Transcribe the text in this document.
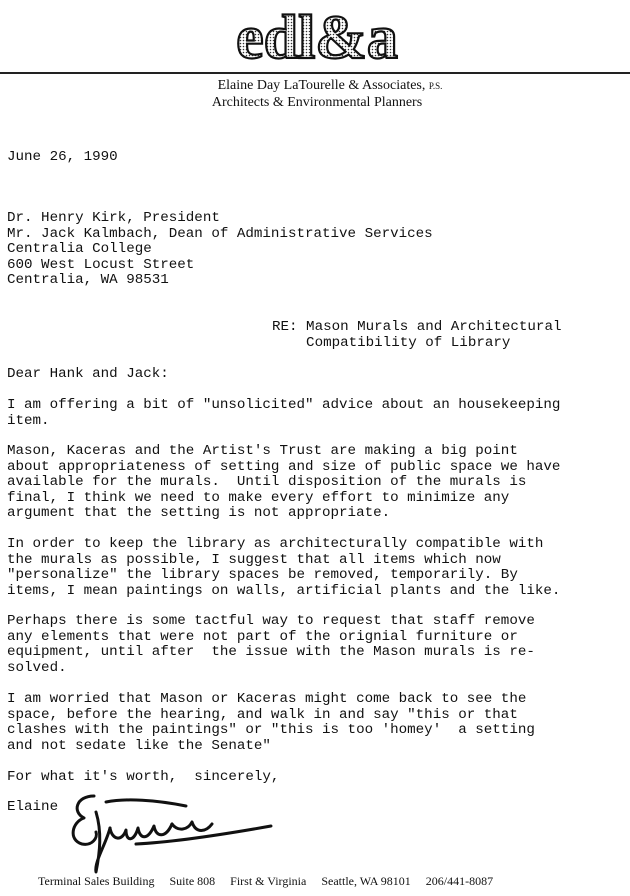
edl&a
Elaine Day LaTourelle & Associates, P.S.
Architects & Environmental Planners
June 26, 1990
Dr. Henry Kirk, President
Mr. Jack Kalmbach, Dean of Administrative Services
Centralia College
600 West Locust Street
Centralia, WA 98531
RE: Mason Murals and Architectural
Compatibility of Library
Dear Hank and Jack:
I am offering a bit of "unsolicited" advice about an housekeeping
item.
Mason, Kaceras and the Artist's Trust are making a big point
about appropriateness of setting and size of public space we have
available for the murals.  Until disposition of the murals is
final, I think we need to make every effort to minimize any
argument that the setting is not appropriate.
In order to keep the library as architecturally compatible with
the murals as possible, I suggest that all items which now
"personalize" the library spaces be removed, temporarily. By
items, I mean paintings on walls, artificial plants and the like.
Perhaps there is some tactful way to request that staff remove
any elements that were not part of the orignial furniture or
equipment, until after  the issue with the Mason murals is re-
solved.
I am worried that Mason or Kaceras might come back to see the
space, before the hearing, and walk in and say "this or that
clashes with the paintings" or "this is too 'homey'  a setting
and not sedate like the Senate"
For what it's worth,  sincerely,
Elaine
Terminal Sales Building Suite 808 First & Virginia Seattle, WA 98101 206/441-8087
